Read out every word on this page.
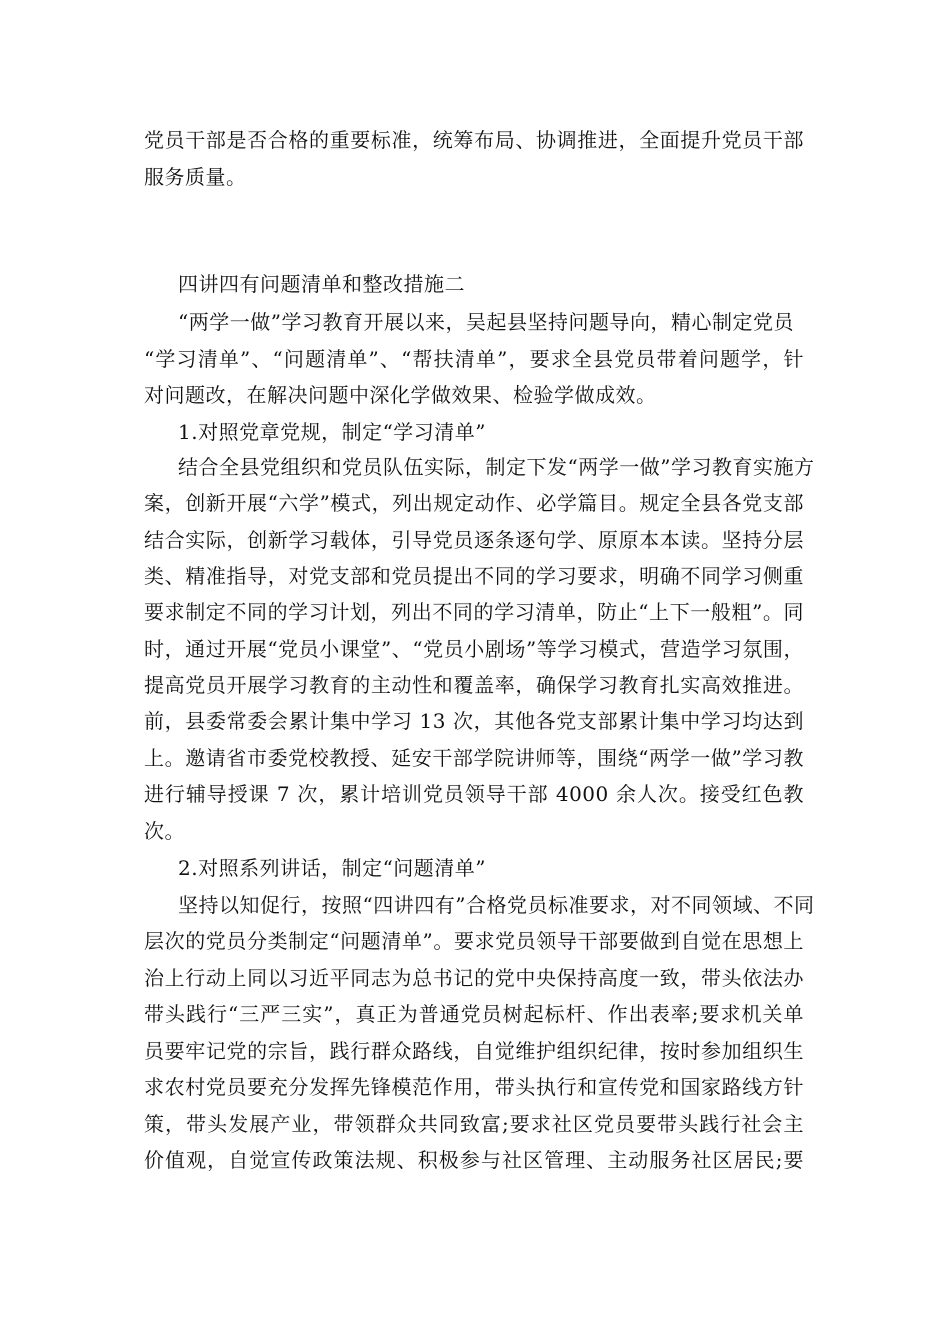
党员干部是否合格的重要标准，统筹布局、协调推进，全面提升党员干部
服务质量。
四讲四有问题清单和整改措施二
“两学一做”学习教育开展以来，吴起县坚持问题导向，精心制定党员
“学习清单”、“问题清单”、“帮扶清单”，要求全县党员带着问题学，针
对问题改，在解决问题中深化学做效果、检验学做成效。
1.对照党章党规，制定“学习清单”
结合全县党组织和党员队伍实际，制定下发“两学一做”学习教育实施方
案，创新开展“六学”模式，列出规定动作、必学篇目。规定全县各党支部
结合实际，创新学习载体，引导党员逐条逐句学、原原本本读。坚持分层
类、精准指导，对党支部和党员提出不同的学习要求，明确不同学习侧重
要求制定不同的学习计划，列出不同的学习清单，防止“上下一般粗”。同
时，通过开展“党员小课堂”、“党员小剧场”等学习模式，营造学习氛围，
提高党员开展学习教育的主动性和覆盖率，确保学习教育扎实高效推进。
前，县委常委会累计集中学习 13 次，其他各党支部累计集中学习均达到
上。邀请省市委党校教授、延安干部学院讲师等，围绕“两学一做”学习教
进行辅导授课 7 次，累计培训党员领导干部 4000 余人次。接受红色教
次。
2.对照系列讲话，制定“问题清单”
坚持以知促行，按照“四讲四有”合格党员标准要求，对不同领域、不同
层次的党员分类制定“问题清单”。要求党员领导干部要做到自觉在思想上
治上行动上同以习近平同志为总书记的党中央保持高度一致，带头依法办
带头践行“三严三实”，真正为普通党员树起标杆、作出表率;要求机关单
员要牢记党的宗旨，践行群众路线，自觉维护组织纪律，按时参加组织生
求农村党员要充分发挥先锋模范作用，带头执行和宣传党和国家路线方针
策，带头发展产业，带领群众共同致富;要求社区党员要带头践行社会主
价值观，自觉宣传政策法规、积极参与社区管理、主动服务社区居民;要
